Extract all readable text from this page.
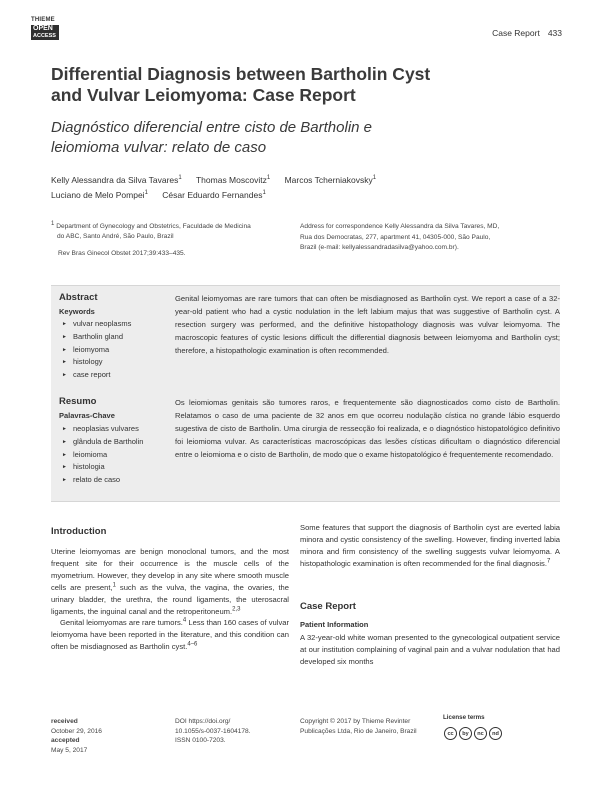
THIEME
OPEN
ACCESS	Case Report 433
Differential Diagnosis between Bartholin Cyst
and Vulvar Leiomyoma: Case Report
Diagnóstico diferencial entre cisto de Bartholin e
leiomioma vulvar: relato de caso
Kelly Alessandra da Silva Tavares$^1$ Thomas Moscovitz$^1$ Marcos Tcherniakovsky$^1$
Luciano de Melo Pompei$^1$ César Eduardo Fernandes$^1$
$^1$ Department of Gynecology and Obstetrics, Faculdade de Medicina
do ABC, Santo André, São Paulo, Brazil
Rev Bras Ginecol Obstet 2017;39:433–435.
Address for correspondence Kelly Alessandra da Silva Tavares, MD,
Rua dos Democratas, 277, apartment 41, 04305-000, São Paulo,
Brazil (e-mail: kellyalessandradasilva@yahoo.com.br).
Abstract
Keywords
► vulvar neoplasms
► Bartholin gland
► leiomyoma
► histology
► case report
Genital leiomyomas are rare tumors that can often be misdiagnosed as Bartholin cyst. We report a case of a 32-year-old patient who had a cystic nodulation in the left labium majus that was suggestive of Bartholin cyst. A resection surgery was performed, and the definitive histopathology diagnosis was vulvar leiomyoma. The macroscopic features of cystic lesions difficult the differential diagnosis between leiomyoma and Bartholin cyst; therefore, a histopathologic examination is often recommended.
Resumo
Palavras-Chave
► neoplasias vulvares
► glândula de Bartholin
► leiomioma
► histologia
► relato de caso
Os leiomiomas genitais são tumores raros, e frequentemente são diagnosticados como cisto de Bartholin. Relatamos o caso de uma paciente de 32 anos em que ocorreu nodulação cística no grande lábio esquerdo sugestiva de cisto de Bartholin. Uma cirurgia de ressecção foi realizada, e o diagnóstico histopatológico definitivo foi leiomioma vulvar. As características macroscópicas das lesões císticas dificultam o diagnóstico diferencial entre o leiomioma e o cisto de Bartholin, de modo que o exame histopatológico é frequentemente recomendado.
Introduction

Uterine leiomyomas are benign monoclonal tumors, and the most frequent site for their occurrence is the muscle cells of the myometrium. However, they develop in any site where smooth muscle cells are present,$^1$ such as the vulva, the vagina, the ovaries, the urinary bladder, the urethra, the round ligaments, the uterosacral ligaments, the inguinal canal and the retroperitoneum.$^{2,3}$

Genital leiomyomas are rare tumors.$^4$ Less than 160 cases of vulvar leiomyoma have been reported in the literature, and this condition can often be misdiagnosed as Bartholin cyst.$^{4-6}$

Some features that support the diagnosis of Bartholin cyst are everted labia minora and cystic consistency of the swelling. However, finding inverted labia minora and firm consistency of the swelling suggests vulvar leiomyoma. A histopathologic examination is often recommended for the final diagnosis.$^7$
Case Report
Patient Information
A 32-year-old white woman presented to the gynecological outpatient service at our institution complaining of vaginal pain and a vulvar nodulation that had developed six months
received
October 29, 2016
accepted
May 5, 2017
DOI https://doi.org/
10.1055/s-0037-1604178.
ISSN 0100-7203.
Copyright © 2017 by Thieme Revinter
Publicações Ltda, Rio de Janeiro, Brazil
License terms
cc	by	nc	nd
